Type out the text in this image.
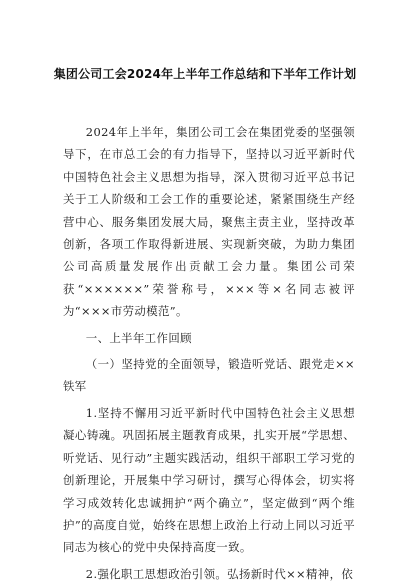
集团公司工会2024年上半年工作总结和下半年工作计划

2024年上半年，集团公司工会在集团党委的坚强领导下，在市总工会的有力指导下，坚持以习近平新时代中国特色社会主义思想为指导，深入贯彻习近平总书记关于工人阶级和工会工作的重要论述，紧紧围绕生产经营中心、服务集团发展大局，聚焦主责主业，坚持改革创新，各项工作取得新进展、实现新突破，为助力集团公司高质量发展作出贡献工会力量。集团公司荣获“××××××”荣誉称号，×××等×名同志被评为“×××市劳动模范”。

一、上半年工作回顾

（一）坚持党的全面领导，锻造听党话、跟党走××铁军

1.坚持不懈用习近平新时代中国特色社会主义思想凝心铸魂。巩固拓展主题教育成果，扎实开展“学思想、听党话、见行动”主题实践活动，组织干部职工学习党的创新理论，开展集中学习研讨，撰写心得体会，切实将学习成效转化忠诚拥护“两个确立”，坚定做到“两个维护”的高度自觉，始终在思想上政治上行动上同以习近平同志为核心的党中央保持高度一致。

2.强化职工思想政治引领。弘扬新时代××精神，依
